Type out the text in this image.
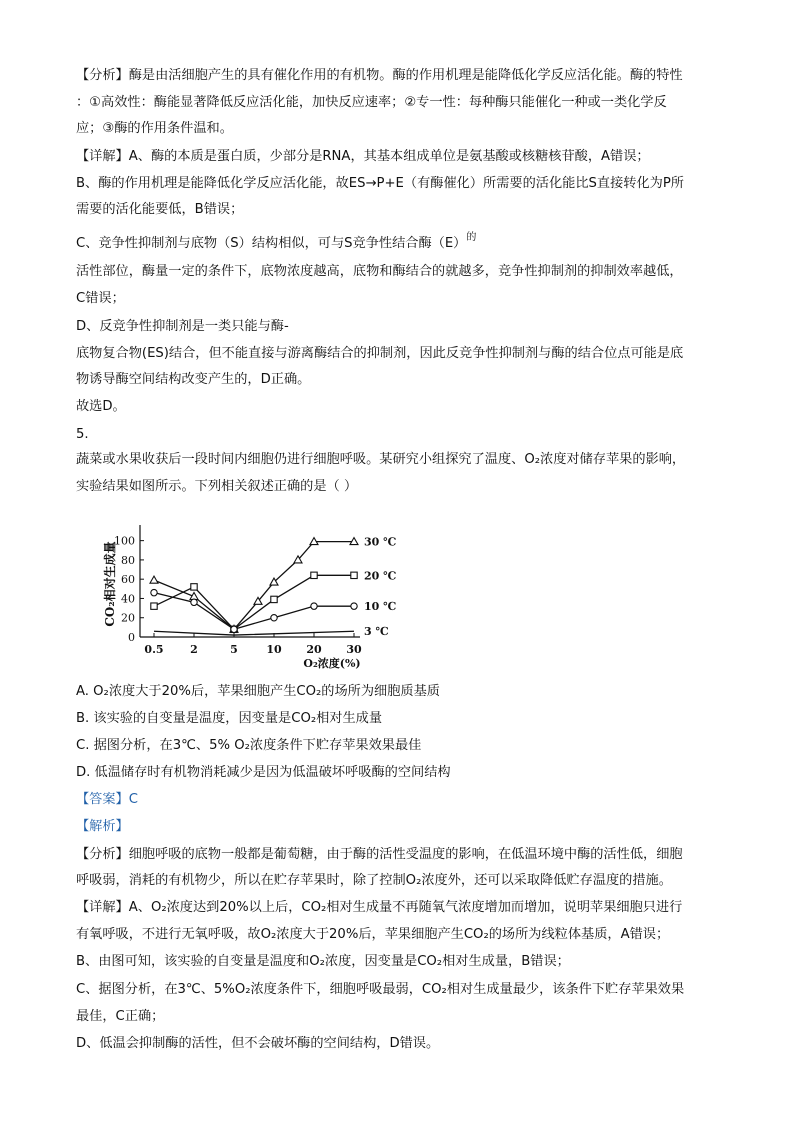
【分析】酶是由活细胞产生的具有催化作用的有机物。酶的作用机理是能降低化学反应活化能。酶的特性
：①高效性：酶能显著降低反应活化能，加快反应速率；②专一性：每种酶只能催化一种或一类化学反
应；③酶的作用条件温和。
【详解】A、酶的本质是蛋白质，少部分是RNA，其基本组成单位是氨基酸或核糖核苷酸，A错误；
B、酶的作用机理是能降低化学反应活化能，故ES→P+E（有酶催化）所需要的活化能比S直接转化为P所
需要的活化能要低，B错误；
C、竞争性抑制剂与底物（S）结构相似，可与S竞争性结合酶（E） 的
活性部位，酶量一定的条件下，底物浓度越高，底物和酶结合的就越多，竞争性抑制剂的抑制效率越低，
C错误；
D、反竞争性抑制剂是一类只能与酶-
底物复合物(ES)结合，但不能直接与游离酶结合的抑制剂，因此反竞争性抑制剂与酶的结合位点可能是底
物诱导酶空间结构改变产生的，D正确。
故选D。
5.
蔬菜或水果收获后一段时间内细胞仍进行细胞呼吸。某研究小组探究了温度、O₂浓度对储存苹果的影响，
实验结果如图所示。下列相关叙述正确的是（ ）
0
20
40
60
80
100
0.5 2	5	10 20 30
O₂浓度(%)
CO₂相对生成量	30 ℃
20 ℃
10 ℃
3 ℃
A. O₂浓度大于20%后，苹果细胞产生CO₂的场所为细胞质基质
B. 该实验的自变量是温度，因变量是CO₂相对生成量
C. 据图分析，在3℃、5% O₂浓度条件下贮存苹果效果最佳
D. 低温储存时有机物消耗减少是因为低温破坏呼吸酶的空间结构
【答案】C
【解析】
【分析】细胞呼吸的底物一般都是葡萄糖，由于酶的活性受温度的影响，在低温环境中酶的活性低，细胞
呼吸弱，消耗的有机物少，所以在贮存苹果时，除了控制O₂浓度外，还可以采取降低贮存温度的措施。
【详解】A、O₂浓度达到20%以上后，CO₂相对生成量不再随氧气浓度增加而增加，说明苹果细胞只进行
有氧呼吸，不进行无氧呼吸，故O₂浓度大于20%后，苹果细胞产生CO₂的场所为线粒体基质，A错误；
B、由图可知，该实验的自变量是温度和O₂浓度，因变量是CO₂相对生成量，B错误；
C、据图分析，在3℃、5%O₂浓度条件下，细胞呼吸最弱，CO₂相对生成量最少，该条件下贮存苹果效果
最佳，C正确；
D、低温会抑制酶的活性，但不会破坏酶的空间结构，D错误。
